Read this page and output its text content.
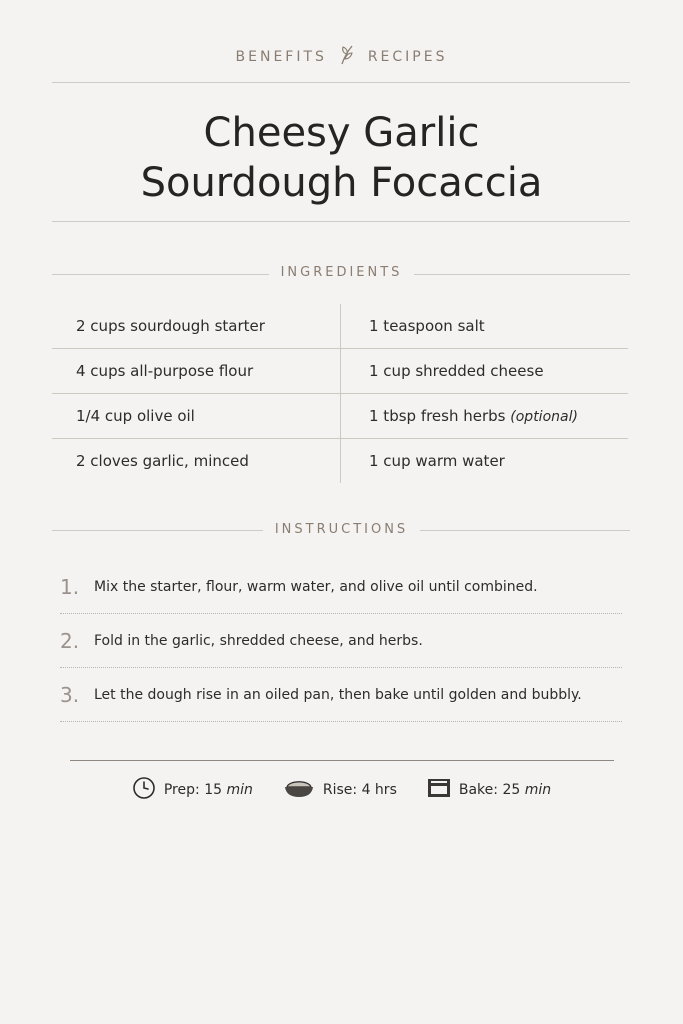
BENEFITS	RECIPES
Cheesy Garlic
Sourdough Focaccia
INGREDIENTS
2 cups sourdough starter	1 teaspoon salt
4 cups all-purpose flour	1 cup shredded cheese
1/4 cup olive oil	1 tbsp fresh herbs (optional)
2 cloves garlic, minced	1 cup warm water
INSTRUCTIONS
1.	Mix the starter, flour, warm water, and olive oil until combined.
2.	Fold in the garlic, shredded cheese, and herbs.
3.	Let the dough rise in an oiled pan, then bake until golden and bubbly.
Prep: 15 min	Rise: 4 hrs	Bake: 25 min
